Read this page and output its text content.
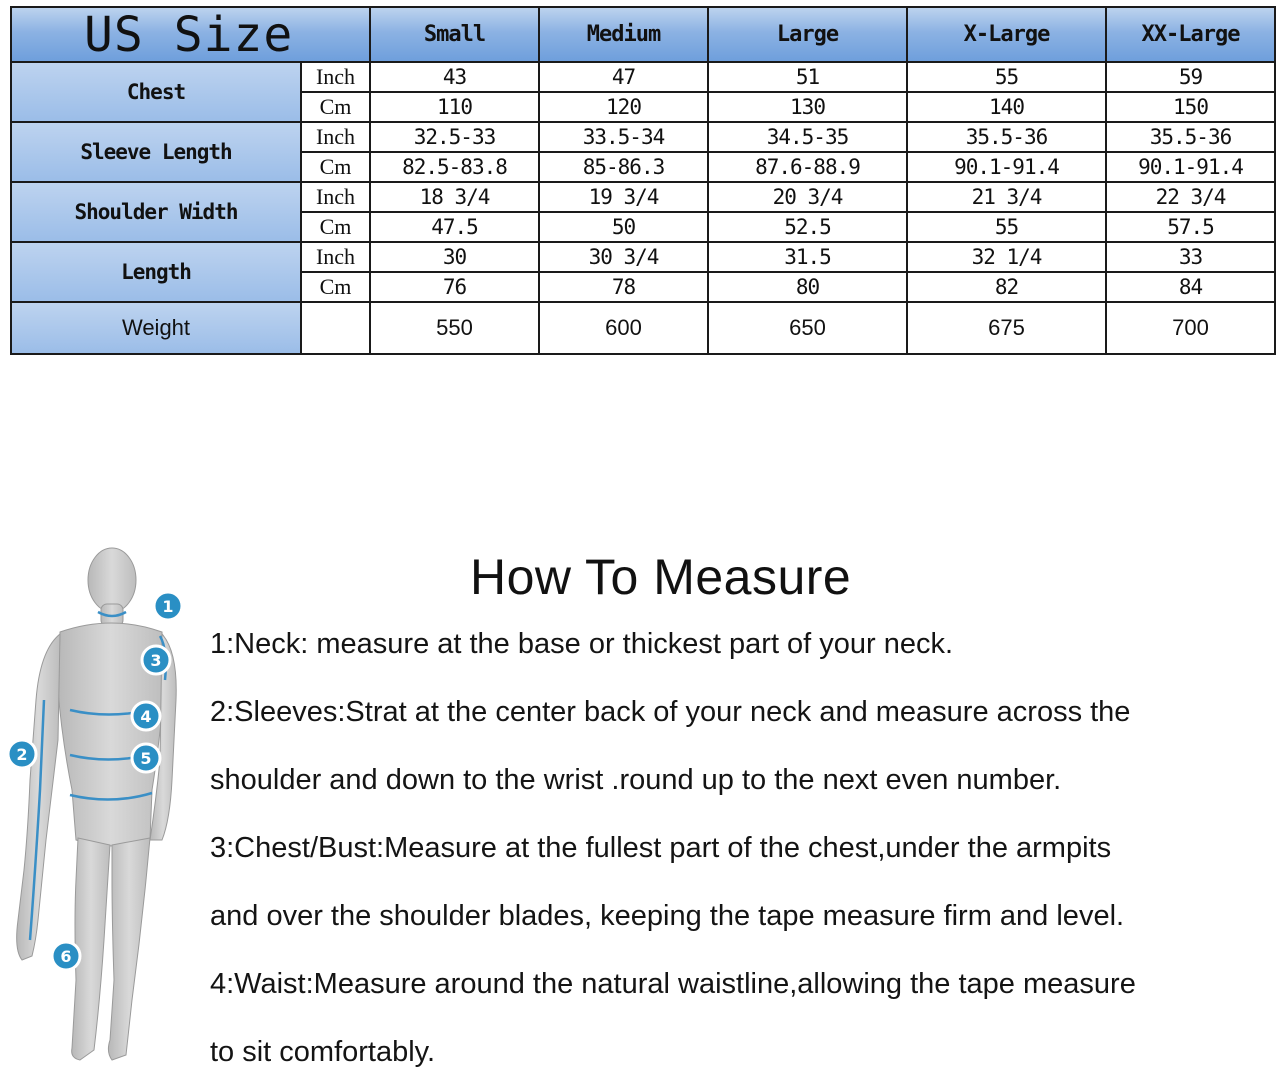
US Size		Small	Medium	Large	X-Large	XX-Large
Chest	Inch	43	47	51	55	59
	Cm	110	120	130	140	150
Sleeve Length	Inch	32.5-33	33.5-34	34.5-35	35.5-36	35.5-36
	Cm	82.5-83.8	85-86.3	87.6-88.9	90.1-91.4	90.1-91.4
Shoulder Width	Inch	18 3/4	19 3/4	20 3/4	21 3/4	22 3/4
	Cm	47.5	50	52.5	55	57.5
Length	Inch	30	30 3/4	31.5	32 1/4	33
	Cm	76	78	80	82	84
Weight		550	600	650	675	700
1
2
3
4
5
6
How To Measure
1:Neck: measure at the base or thickest part of your neck.
2:Sleeves:Strat at the center back of your neck and measure across the
shoulder and down to the wrist .round up to the next even number.
3:Chest/Bust:Measure at the fullest part of the chest,under the armpits
and over the shoulder blades, keeping the tape measure firm and level.
4:Waist:Measure around the natural waistline,allowing the tape measure
to sit comfortably.
